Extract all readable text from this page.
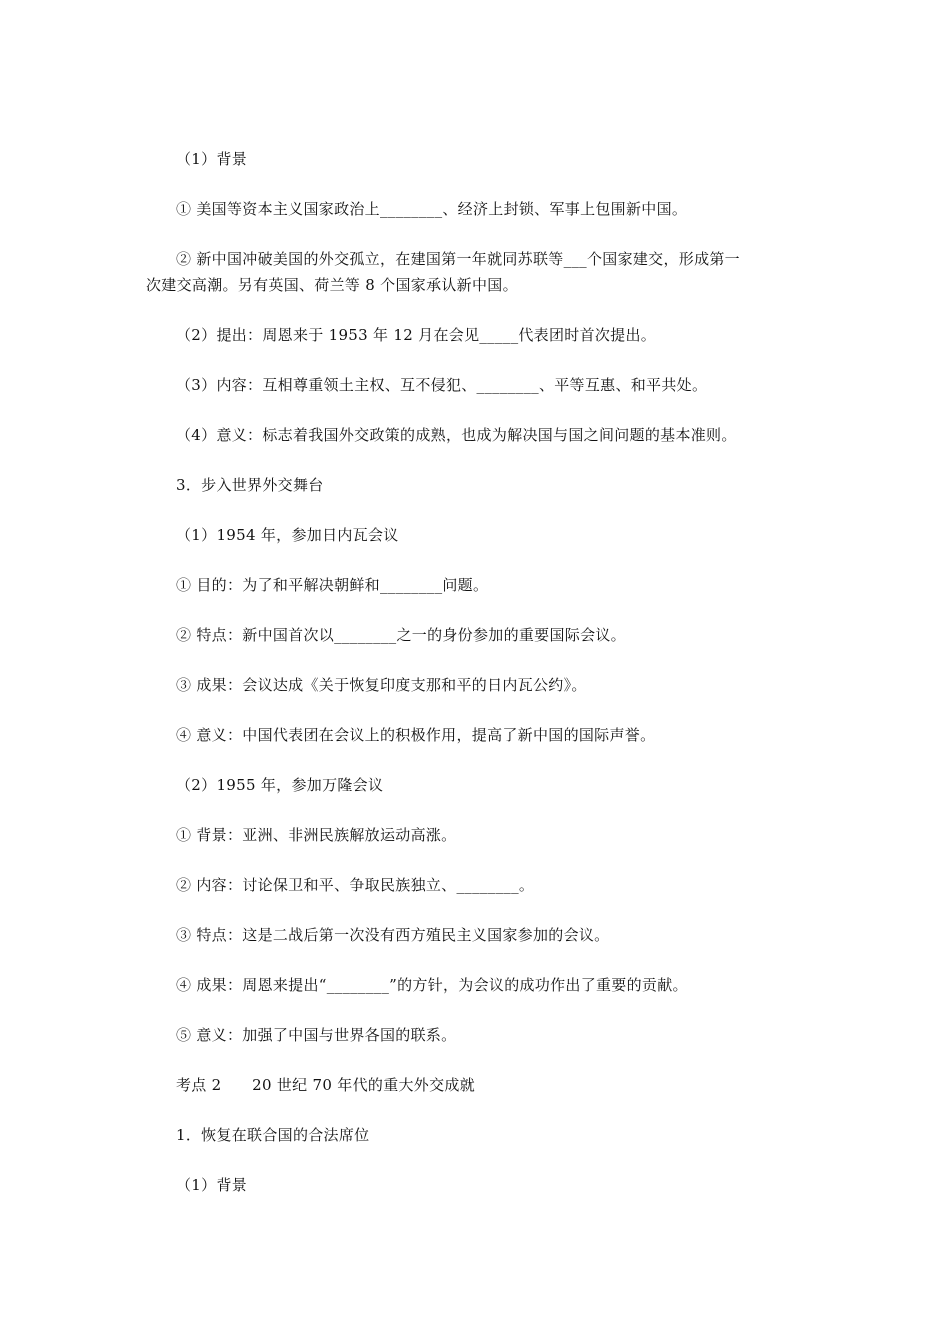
（1）背景
① 美国等资本主义国家政治上________、经济上封锁、军事上包围新中国。
② 新中国冲破美国的外交孤立，在建国第一年就同苏联等___个国家建交，形成第一
次建交高潮。另有英国、荷兰等 8 个国家承认新中国。
（2）提出：周恩来于 1953 年 12 月在会见_____代表团时首次提出。
（3）内容：互相尊重领土主权、互不侵犯、________、平等互惠、和平共处。
（4）意义：标志着我国外交政策的成熟，也成为解决国与国之间问题的基本准则。
3．步入世界外交舞台
（1）1954 年，参加日内瓦会议
① 目的：为了和平解决朝鲜和________问题。
② 特点：新中国首次以________之一的身份参加的重要国际会议。
③ 成果：会议达成《关于恢复印度支那和平的日内瓦公约》。
④ 意义：中国代表团在会议上的积极作用，提高了新中国的国际声誉。
（2）1955 年，参加万隆会议
① 背景：亚洲、非洲民族解放运动高涨。
② 内容：讨论保卫和平、争取民族独立、________。
③ 特点：这是二战后第一次没有西方殖民主义国家参加的会议。
④ 成果：周恩来提出“________”的方针，为会议的成功作出了重要的贡献。
⑤ 意义：加强了中国与世界各国的联系。
考点 2　　20 世纪 70 年代的重大外交成就
1．恢复在联合国的合法席位
（1）背景
